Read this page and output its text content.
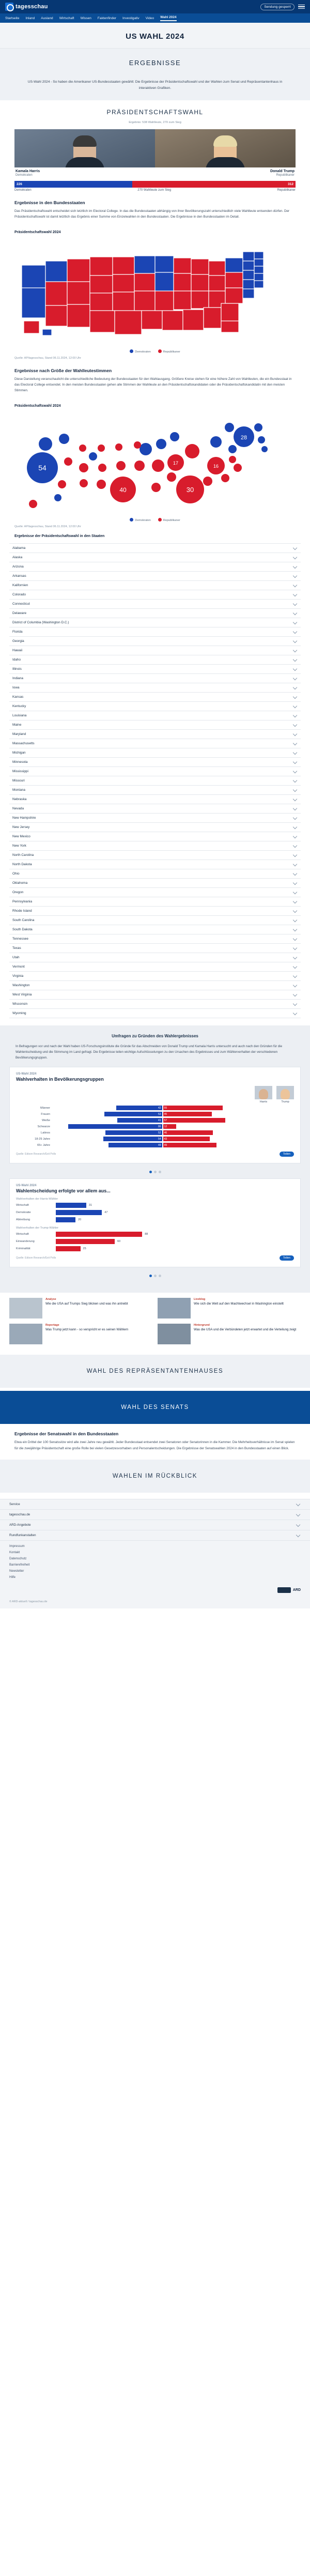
tagesschau	Sendung gesperrt
Startseite Inland Ausland Wirtschaft Wissen Faktenfinder Investigativ Video Wahl 2024
US WAHL 2024
ERGEBNISSE
US-Wahl 2024 - So haben die Amerikaner US-Bundesstaaten gewählt: Die Ergebnisse der Präsidentschaftswahl und der Wahlen zum Senat und Repräsentantenhaus in interaktiven Grafiken.
PRÄSIDENTSCHAFTSWAHL
Ergebnis: 538 Wahlleute, 270 zum Sieg
Kamala Harris
Demokraten
Donald Trump
Republikaner
226	312
Demokraten	270 Wahlleute zum Sieg	Republikaner
Ergebnisse in den Bundesstaaten

Das Präsidentschaftswahl entscheidet sich letztlich im Electoral College. In das die Bundesstaaten abhängig von ihrer Bevölkerungszahl unterschiedlich viele Wahlleute entsenden dürfen. Der Präsidentschaftswahl ist damit letztlich das Ergebnis einer Summe von Einzelwahlen in den Bundesstaaten. Die Ergebnisse in den Bundesstaaten im Detail.

Präsidentschaftswahl 2024
Demokraten	Republikaner
Quelle: AP/tagesschau, Stand 06.11.2024, 12:00 Uhr
Ergebnisse nach Größe der Wahlleutestimmen

Diese Darstellung veranschaulicht die unterschiedliche Bedeutung der Bundesstaaten für den Wahlausgang. Größere Kreise stehen für eine höhere Zahl von Wahlleuten, die ein Bundesstaat in das Electoral College entsendet. In den meisten Bundesstaaten gehen alle Stimmen der Wahlleute an den Präsidentschaftskandidaten oder die Präsidentschaftskandidatin mit den meisten Stimmen.

Präsidentschaftswahl 2024
54
28
30
40
16
17
Demokraten	Republikaner
Quelle: AP/tagesschau, Stand 06.11.2024, 12:00 Uhr
Ergebnisse der Präsidentschaftswahl in den Staaten
Alabama
Alaska
Arizona
Arkansas
Kalifornien
Colorado
Connecticut
Delaware
District of Columbia (Washington D.C.)
Florida
Georgia
Hawaii
Idaho
Illinois
Indiana
Iowa
Kansas
Kentucky
Louisiana
Maine
Maryland
Massachusetts
Michigan
Minnesota
Mississippi
Missouri
Montana
Nebraska
Nevada
New Hampshire
New Jersey
New Mexico
New York
North Carolina
North Dakota
Ohio
Oklahoma
Oregon
Pennsylvania
Rhode Island
South Carolina
South Dakota
Tennessee
Texas
Utah
Vermont
Virginia
Washington
West Virginia
Wisconsin
Wyoming
Umfragen zu Gründen des Wahlergebnisses
In Befragungen vor und nach der Wahl haben US-Forschungsinstitute die Gründe für das Abschneiden von Donald Trump und Kamala Harris untersucht und auch nach den Gründen für die Wahlentscheidung und die Stimmung im Land gefragt. Die Ergebnisse teilen wichtige Aufschlüsselungen zu den Ursachen des Ergebnisses und zum Wählerverhalten der verschiedenen Bevölkerungsgruppen.
US-Wahl 2024
Wahlverhalten in Bevölkerungsgruppen
Harris	Trump
Männer	42	55
Frauen	53	45
Weiße	41	57
Schwarze	86	12
Latinos	52	46
18-29 Jahre	54	43
65+ Jahre	49	49
Quelle: Edison Research/Exit Polls	Teilen
US-Wahl 2024
Wahlentscheidung erfolgte vor allem aus...
Wahlverhalten der Harris-Wähler
Wirtschaft	31
Demokratie	47
Abtreibung	20
Wahlverhalten der Trump-Wähler
Wirtschaft	88
Einwanderung	60
Kriminalität	25
Quelle: Edison Research/Exit Polls	Teilen
Analyse
Wie die USA auf Trumps Sieg blicken und was ihn antreibt
Liveblog
Wie sich die Welt auf den Machtwechsel in Washington einstellt
Reportage
Was Trump jetzt kann - so verspricht er es seinen Wählern
Hintergrund
Was die USA und die Verbündeten jetzt erwartet und die Verteilung zeigt
WAHL DES REPRÄSENTANTENHAUSES
WAHL DES SENATS
Ergebnisse der Senatswahl in den Bundesstaaten

Etwa ein Drittel der 100 Senatssitze wird alle zwei Jahre neu gewählt. Jeder Bundesstaat entsendet zwei Senatoren oder Senatorinnen in die Kammer. Die Mehrheitsverhältnisse im Senat spielen für die zweijährige Präsidentschaft eine große Rolle bei vielen Gesetzesvorhaben und Personalentscheidungen. Die Ergebnisse der Senatswahlen 2024 in den Bundesstaaten auf einen Blick.

WAHLEN IM RÜCKBLICK
Service
tagesschau.de
ARD-Angebote
Rundfunkanstalten
Impressum
Kontakt
Datenschutz
Barrierefreiheit
Newsletter
Hilfe
ARD
© ARD-aktuell / tagesschau.de
